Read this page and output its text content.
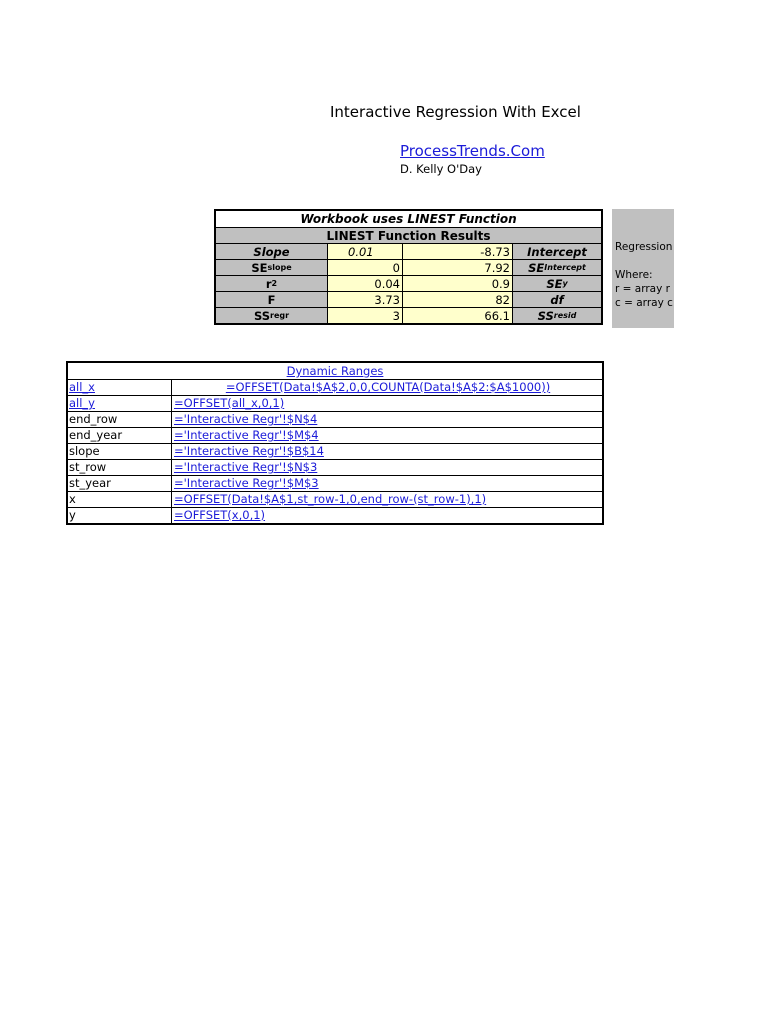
Interactive Regression With Excel
ProcessTrends.Com
D. Kelly O'Day
Workbook uses LINEST Function
LINEST Function Results
Slope	0.01	-8.73	Intercept
SE slope	0	7.92 SE Intercept
r 2	0.04	0.9	SE y
F	3.73	82	df
SS regr	3	66.1 SS resid
Regression
Where:
r = array r
c = array c
Dynamic Ranges
all_x	=OFFSET(Data!$A$2,0,0,COUNTA(Data!$A$2:$A$1000))
all_y	=OFFSET(all_x,0,1)
end_row	='Interactive Regr'!$N$4
end_year	='Interactive Regr'!$M$4
slope	='Interactive Regr'!$B$14
st_row	='Interactive Regr'!$N$3
st_year	='Interactive Regr'!$M$3
x	=OFFSET(Data!$A$1,st_row-1,0,end_row-(st_row-1),1)
y	=OFFSET(x,0,1)
